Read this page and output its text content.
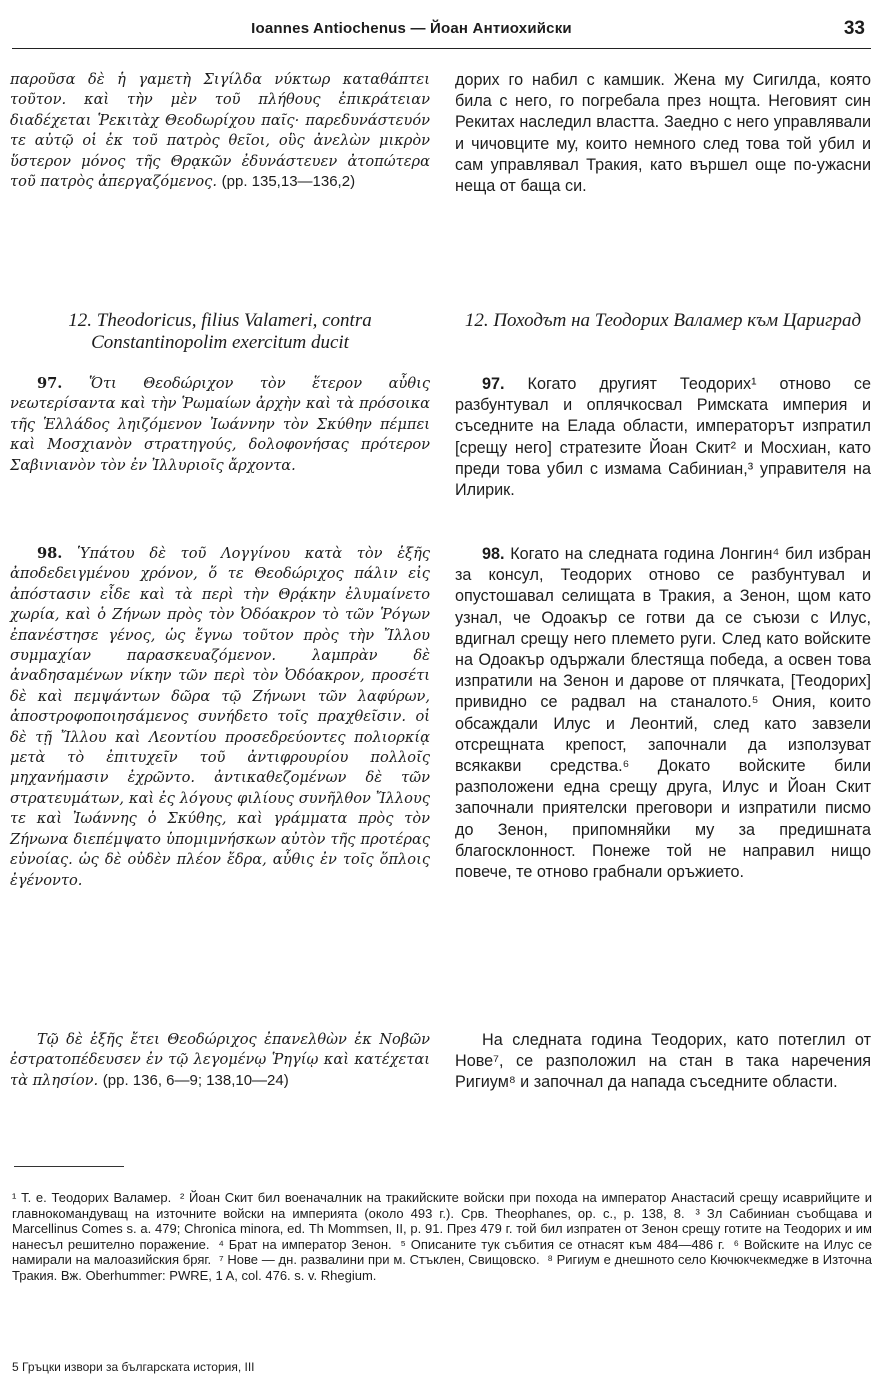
Ioannes Antiochenus — Йоан Антиохийски	33

παροῦσα δὲ ἡ γαμετὴ Σιγίλδα νύκτωρ καταθάπτει τοῦτον. καὶ τὴν μὲν τοῦ πλήθους ἐπικράτειαν διαδέχεται Ῥεκιτὰχ Θεοδωρίχου παῖς· παρεδυνάστευόν τε αὐτῷ οἱ ἐκ τοῦ πατρὸς θεῖοι, οὓς ἀνελὼν μικρὸν ὕστερον μόνος τῆς Θρᾳκῶν ἐδυνάστευεν ἀτοπώτερα τοῦ πατρὸς ἀπεργαζόμενος. (pp. 135,13—136,2)

дорих го набил с камшик. Жена му Сигилда, която била с него, го погребала през нощта. Неговият син Рекитах наследил властта. Заедно с него управлявали и чичовците му, които немного след това той убил и сам управлявал Тракия, като вършел още по-ужасни неща от баща си.

12. Theodoricus, filius Valameri, contra Constantinopolim exercitum ducit

12. Походът на Теодорих Валамер към Цариград

97. Ὅτι Θεοδώριχον τὸν ἕτερον αὖθις νεωτερίσαντα καὶ τὴν Ῥωμαίων ἀρχὴν καὶ τὰ πρόσοικα τῆς Ἑλλάδος ληιζόμενον Ἰωάννην τὸν Σκύθην πέμπει καὶ Μοσχιανὸν στρατηγούς, δολοφονήσας πρότερον Σαβινιανὸν τὸν ἐν Ἰλλυριοῖς ἄρχοντα.

97. Когато другият Теодорих¹ отново се разбунтувал и оплячкосвал Римската империя и съседните на Елада области, императорът изпратил [срещу него] стратезите Йоан Скит² и Мосхиан, като преди това убил с измама Сабиниан,³ управителя на Илирик.

98. Ὑπάτου δὲ τοῦ Λογγίνου κατὰ τὸν ἑξῆς ἀποδεδειγμένου χρόνον, ὅ τε Θεοδώριχος πάλιν εἰς ἀπόστασιν εἶδε καὶ τὰ περὶ τὴν Θρᾴκην ἐλυμαίνετο χωρία, καὶ ὁ Ζήνων πρὸς τὸν Ὀδόακρον τὸ τῶν Ῥόγων ἐπανέστησε γένος, ὡς ἔγνω τοῦτον πρὸς τὴν Ἴλλου συμμαχίαν παρασκευαζόμενον. λαμπρὰν δὲ ἀναδησαμένων νίκην τῶν περὶ τὸν Ὀδόακρον, προσέτι δὲ καὶ πεμψάντων δῶρα τῷ Ζήνωνι τῶν λαφύρων, ἀποστροφοποιησάμενος συνήδετο τοῖς πραχθεῖσιν. οἱ δὲ τῇ Ἴλλου καὶ Λεοντίου προσεδρεύοντες πολιορκίᾳ μετὰ τὸ ἐπιτυχεῖν τοῦ ἀντιφρουρίου πολλοῖς μηχανήμασιν ἐχρῶντο. ἀντικαθεζομένων δὲ τῶν στρατευμάτων, καὶ ἐς λόγους φιλίους συνῆλθον Ἴλλους τε καὶ Ἰωάννης ὁ Σκύθης, καὶ γράμματα πρὸς τὸν Ζήνωνα διεπέμψατο ὑπομιμνήσκων αὐτὸν τῆς προτέρας εὐνοίας. ὡς δὲ οὐδὲν πλέον ἔδρα, αὖθις ἐν τοῖς ὅπλοις ἐγένοντο.

98. Когато на следната година Лонгин⁴ бил избран за консул, Теодорих отново се разбунтувал и опустошавал селищата в Тракия, а Зенон, щом като узнал, че Одоакър се готви да се съюзи с Илус, вдигнал срещу него племето руги. След като войските на Одоакър одържали блестяща победа, а освен това изпратили на Зенон и дарове от плячката, [Теодорих] привидно се радвал на станалото.⁵ Ония, които обсаждали Илус и Леонтий, след като завзели отсрещната крепост, започнали да използуват всякакви средства.⁶ Докато войските били разположени една срещу друга, Илус и Йоан Скит започнали приятелски преговори и изпратили писмо до Зенон, припомняйки му за предишната благосклонност. Понеже той не направил нищо повече, те отново грабнали оръжието.

Τῷ δὲ ἑξῆς ἔτει Θεοδώριχος ἐπανελθὼν ἐκ Νοβῶν ἐστρατοπέδευσεν ἐν τῷ λεγομένῳ Ῥηγίῳ καὶ κατέχεται τὰ πλησίον. (pp. 136, 6—9; 138,10—24)

На следната година Теодорих, като потеглил от Нове⁷, се разположил на стан в така наречения Ригиум⁸ и започнал да напада съседните области.

¹ Т. е. Теодорих Валамер. ² Йоан Скит бил военачалник на тракийските войски при похода на император Анастасий срещу исаврийците и главнокомандуващ на източните войски на империята (около 493 г.). Срв. Theophanes, op. c., p. 138, 8. ³ Зл Сабиниан съобщава и Marcellinus Comes s. a. 479; Chronica minora, ed. Th Mommsen, II, p. 91. През 479 г. той бил изпратен от Зенон срещу готите на Теодорих и им нанесъл решително поражение. ⁴ Брат на император Зенон. ⁵ Описаните тук събития се отнасят към 484—486 г. ⁶ Войските на Илус се намирали на малоазийския бряг. ⁷ Нове — дн. развалини при м. Стъклен, Свищовско. ⁸ Ригиум е днешното село Кючюкчекмедже в Източна Тракия. Вж. Oberhummer: PWRE, 1 A, col. 476. s. v. Rhegium.
5 Гръцки извори за българската история, III
